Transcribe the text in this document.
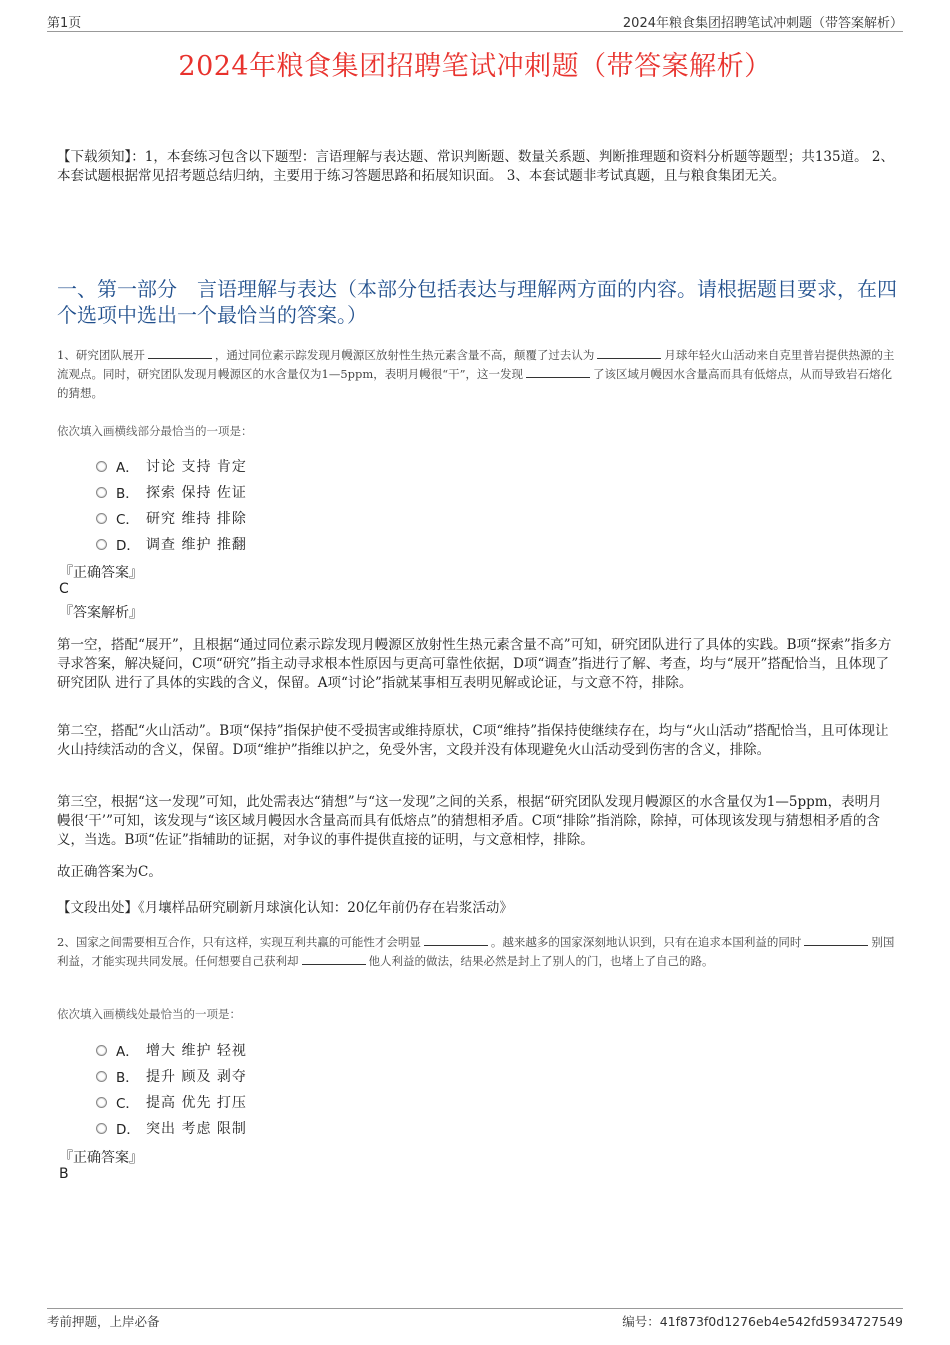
第1页	2024年粮食集团招聘笔试冲刺题（带答案解析）
2024年粮食集团招聘笔试冲刺题（带答案解析）
【下载须知】：1，本套练习包含以下题型：言语理解与表达题、常识判断题、数量关系题、判断推理题和资料分析题等题型；共135道。 2、本套试题根据常见招考题总结归纳，主要用于练习答题思路和拓展知识面。 3、本套试题非考试真题，且与粮食集团无关。
一、第一部分　言语理解与表达（本部分包括表达与理解两方面的内容。请根据题目要求，在四个选项中选出一个最恰当的答案。）
1、研究团队展开	，通过同位素示踪发现月幔源区放射性生热元素含量不高，颠覆了过去认为	月球年轻火山活动来自克里普岩提供热源的主流观点。同时，研究团队发现月幔源区的水含量仅为1—5ppm，表明月幔很“干”，这一发现	了该区域月幔因水含量高而具有低熔点，从而导致岩石熔化的猜想。
依次填入画横线部分最恰当的一项是：
A． 讨论 支持 肯定
B． 探索 保持 佐证
C． 研究 维持 排除
D． 调查 维护 推翻
『正确答案』
C
『答案解析』
第一空，搭配“展开”，且根据“通过同位素示踪发现月幔源区放射性生热元素含量不高”可知，研究团队进行了具体的实践。B项“探索”指多方寻求答案，解决疑问，C项“研究”指主动寻求根本性原因与更高可靠性依据，D项“调查”指进行了解、考查，均与“展开”搭配恰当，且体现了 研究团队 进行了具体的实践的含义，保留。A项“讨论”指就某事相互表明见解或论证，与文意不符，排除。
第二空，搭配“火山活动”。B项“保持”指保护使不受损害或维持原状，C项“维持”指保持使继续存在，均与“火山活动”搭配恰当，且可体现让火山持续活动的含义，保留。D项“维护”指维以护之，免受外害，文段并没有体现避免火山活动受到伤害的含义，排除。
第三空，根据“这一发现”可知，此处需表达“猜想”与“这一发现”之间的关系，根据“研究团队发现月幔源区的水含量仅为1—5ppm，表明月幔很‘干’”可知，该发现与“该区域月幔因水含量高而具有低熔点”的猜想相矛盾。C项“排除”指消除，除掉，可体现该发现与猜想相矛盾的含义，当选。B项“佐证”指辅助的证据，对争议的事件提供直接的证明，与文意相悖，排除。
故正确答案为C。
【文段出处】《月壤样品研究刷新月球演化认知：20亿年前仍存在岩浆活动》
2、国家之间需要相互合作，只有这样，实现互利共赢的可能性才会明显	。越来越多的国家深刻地认识到，只有在追求本国利益的同时	别国利益，才能实现共同发展。任何想要自己获利却	他人利益的做法，结果必然是封上了别人的门，也堵上了自己的路。
依次填入画横线处最恰当的一项是：
A． 增大 维护 轻视
B． 提升 顾及 剥夺
C． 提高 优先 打压
D． 突出 考虑 限制
『正确答案』
B
考前押题，上岸必备	编号：41f873f0d1276eb4e542fd5934727549
